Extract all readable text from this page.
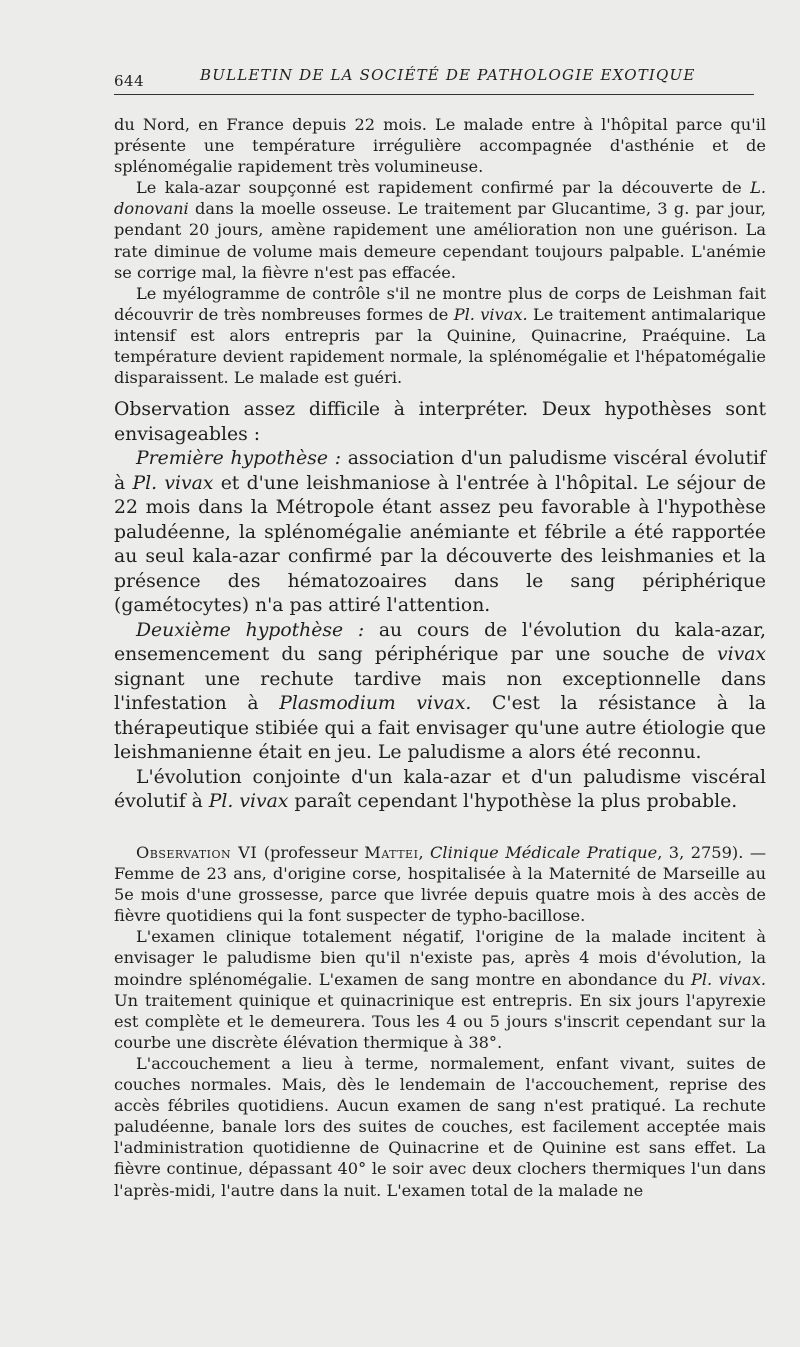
644	BULLETIN DE LA SOCIÉTÉ DE PATHOLOGIE EXOTIQUE

du Nord, en France depuis 22 mois. Le malade entre à l'hôpital parce qu'il présente une température irrégulière accompagnée d'asthénie et de splénomégalie rapidement très volumineuse.

Le kala-azar soupçonné est rapidement confirmé par la découverte de L. donovani dans la moelle osseuse. Le traitement par Glucantime, 3 g. par jour, pendant 20 jours, amène rapidement une amélioration non une guérison. La rate diminue de volume mais demeure cependant toujours palpable. L'anémie se corrige mal, la fièvre n'est pas effacée.

Le myélogramme de contrôle s'il ne montre plus de corps de Leishman fait découvrir de très nombreuses formes de Pl. vivax. Le traitement antimalarique intensif est alors entrepris par la Quinine, Quinacrine, Praéquine. La température devient rapidement normale, la splénomégalie et l'hépatomégalie disparaissent. Le malade est guéri.

Observation assez difficile à interpréter. Deux hypothèses sont envisageables :

Première hypothèse : association d'un paludisme viscéral évolutif à Pl. vivax et d'une leishmaniose à l'entrée à l'hôpital. Le séjour de 22 mois dans la Métropole étant assez peu favorable à l'hypothèse paludéenne, la splénomégalie anémiante et fébrile a été rapportée au seul kala-azar confirmé par la découverte des leishmanies et la présence des hématozoaires dans le sang périphérique (gamétocytes) n'a pas attiré l'attention.

Deuxième hypothèse : au cours de l'évolution du kala-azar, ensemencement du sang périphérique par une souche de vivax signant une rechute tardive mais non exceptionnelle dans l'infestation à Plasmodium vivax. C'est la résistance à la thérapeutique stibiée qui a fait envisager qu'une autre étiologie que leishmanienne était en jeu. Le paludisme a alors été reconnu.

L'évolution conjointe d'un kala-azar et d'un paludisme viscéral évolutif à Pl. vivax paraît cependant l'hypothèse la plus probable.

Observation VI (professeur Mattei, Clinique Médicale Pratique, 3, 2759). — Femme de 23 ans, d'origine corse, hospitalisée à la Maternité de Marseille au 5e mois d'une grossesse, parce que livrée depuis quatre mois à des accès de fièvre quotidiens qui la font suspecter de typho-bacillose.

L'examen clinique totalement négatif, l'origine de la malade incitent à envisager le paludisme bien qu'il n'existe pas, après 4 mois d'évolution, la moindre splénomégalie. L'examen de sang montre en abondance du Pl. vivax. Un traitement quinique et quinacrinique est entrepris. En six jours l'apyrexie est complète et le demeurera. Tous les 4 ou 5 jours s'inscrit cependant sur la courbe une discrète élévation thermique à 38°.

L'accouchement a lieu à terme, normalement, enfant vivant, suites de couches normales. Mais, dès le lendemain de l'accouchement, reprise des accès fébriles quotidiens. Aucun examen de sang n'est pratiqué. La rechute paludéenne, banale lors des suites de couches, est facilement acceptée mais l'administration quotidienne de Quinacrine et de Quinine est sans effet. La fièvre continue, dépassant 40° le soir avec deux clochers thermiques l'un dans l'après-midi, l'autre dans la nuit. L'examen total de la malade ne
